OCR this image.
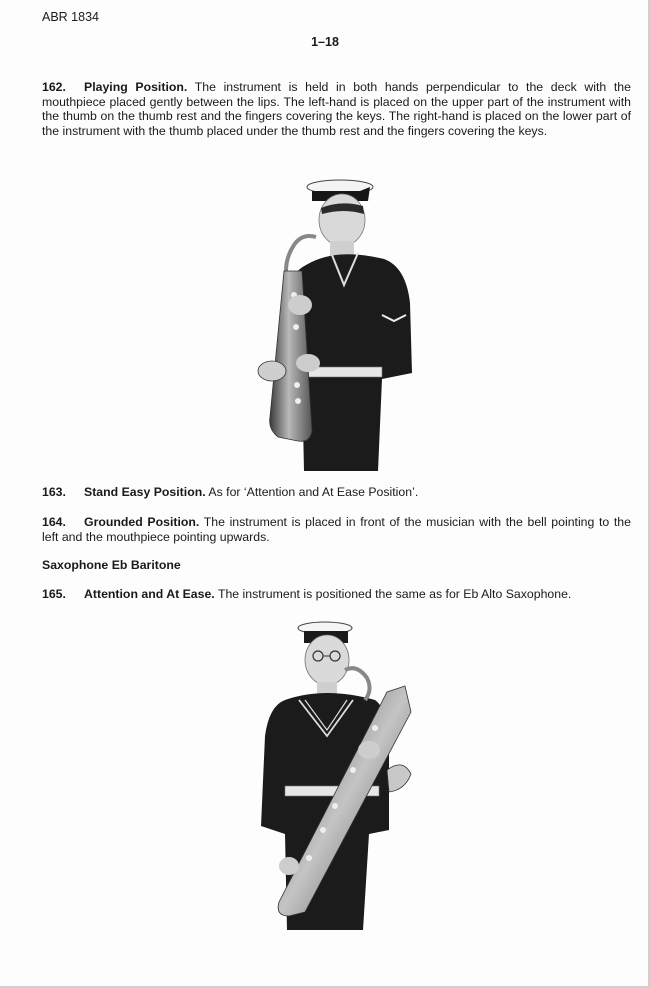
ABR 1834
1–18

162. Playing Position. The instrument is held in both hands perpendicular to the deck with the mouthpiece placed gently between the lips. The left-hand is placed on the upper part of the instrument with the thumb on the thumb rest and the fingers covering the keys. The right-hand is placed on the lower part of the instrument with the thumb placed under the thumb rest and the fingers covering the keys.

163. Stand Easy Position. As for ‘Attention and At Ease Position’.

164. Grounded Position. The instrument is placed in front of the musician with the bell pointing to the left and the mouthpiece pointing upwards.

Saxophone Eb Baritone

165. Attention and At Ease. The instrument is positioned the same as for Eb Alto Saxophone.
